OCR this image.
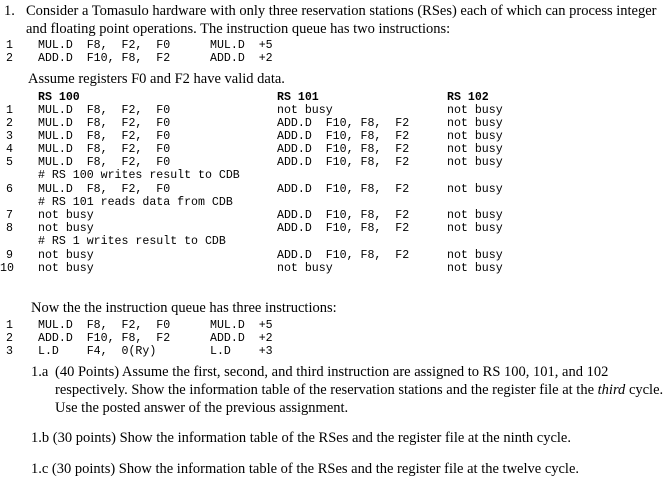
1. Consider a Tomasulo hardware with only three reservation stations (RSes) each of which can process integer
and floating point operations. The instruction queue has two instructions:
1 MUL.D  F8,  F2,  F0	MUL.D  +5
2 ADD.D  F10, F8,  F2	ADD.D  +2
Assume registers F0 and F2 have valid data.
RS 100	RS 101	RS 102
1 MUL.D  F8,  F2,  F0	not busy	not busy
2 MUL.D  F8,  F2,  F0	ADD.D  F10, F8,  F2	not busy
3 MUL.D  F8,  F2,  F0	ADD.D  F10, F8,  F2	not busy
4 MUL.D  F8,  F2,  F0	ADD.D  F10, F8,  F2	not busy
5 MUL.D  F8,  F2,  F0	ADD.D  F10, F8,  F2	not busy
# RS 100 writes result to CDB
6 MUL.D  F8,  F2,  F0	ADD.D  F10, F8,  F2	not busy
# RS 101 reads data from CDB
7 not busy	ADD.D  F10, F8,  F2	not busy
8 not busy	ADD.D  F10, F8,  F2	not busy
# RS 1 writes result to CDB
9 not busy	ADD.D  F10, F8,  F2	not busy
10 not busy	not busy	not busy
Now the the instruction queue has three instructions:
1 MUL.D  F8,  F2,  F0	MUL.D  +5
2 ADD.D  F10, F8,  F2	ADD.D  +2
3 L.D    F4,  0(Ry)	L.D    +3
1.a (40 Points) Assume the first, second, and third instruction are assigned to RS 100, 101, and 102
respectively. Show the information table of the reservation stations and the register file at the third cycle.
Use the posted answer of the previous assignment.
1.b (30 points) Show the information table of the RSes and the register file at the ninth cycle.
1.c (30 points) Show the information table of the RSes and the register file at the twelve cycle.
